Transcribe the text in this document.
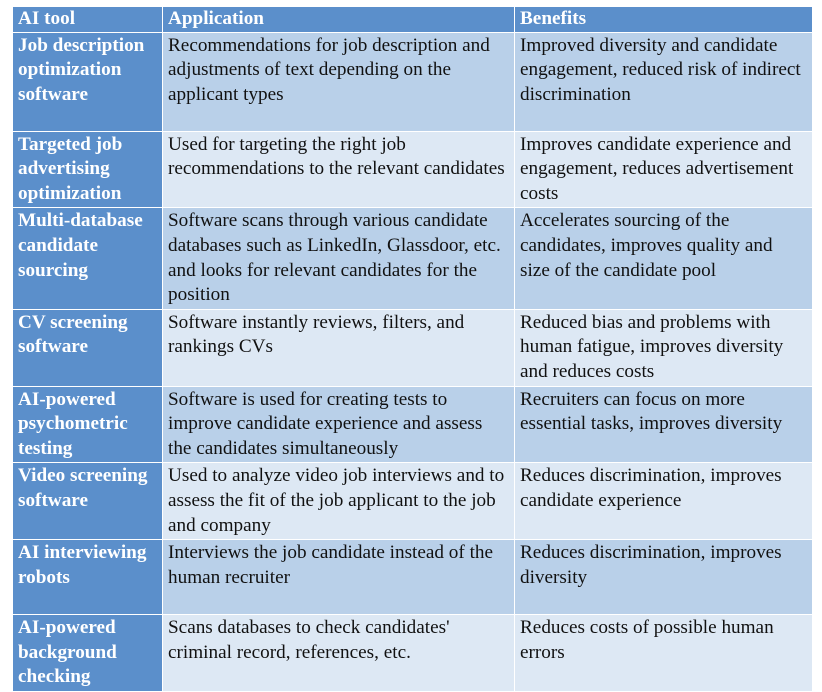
AI tool	Application	Benefits
Job description optimization software	Recommendations for job description and adjustments of text depending on the applicant types	Improved diversity and candidate engagement, reduced risk of indirect discrimination
Targeted job advertising optimization	Used for targeting the right job recommendations to the relevant candidates	Improves candidate experience and engagement, reduces advertisement costs
Multi-database candidate sourcing	Software scans through various candidate databases such as LinkedIn, Glassdoor, etc. and looks for relevant candidates for the position	Accelerates sourcing of the candidates, improves quality and size of the candidate pool
CV screening software	Software instantly reviews, filters, and rankings CVs	Reduced bias and problems with human fatigue, improves diversity and reduces costs
AI-powered psychometric testing	Software is used for creating tests to improve candidate experience and assess the candidates simultaneously	Recruiters can focus on more essential tasks, improves diversity
Video screening software	Used to analyze video job interviews and to assess the fit of the job applicant to the job and company	Reduces discrimination, improves candidate experience
AI interviewing robots	Interviews the job candidate instead of the human recruiter	Reduces discrimination, improves diversity
AI-powered background checking	Scans databases to check candidates' criminal record, references, etc.	Reduces costs of possible human errors
